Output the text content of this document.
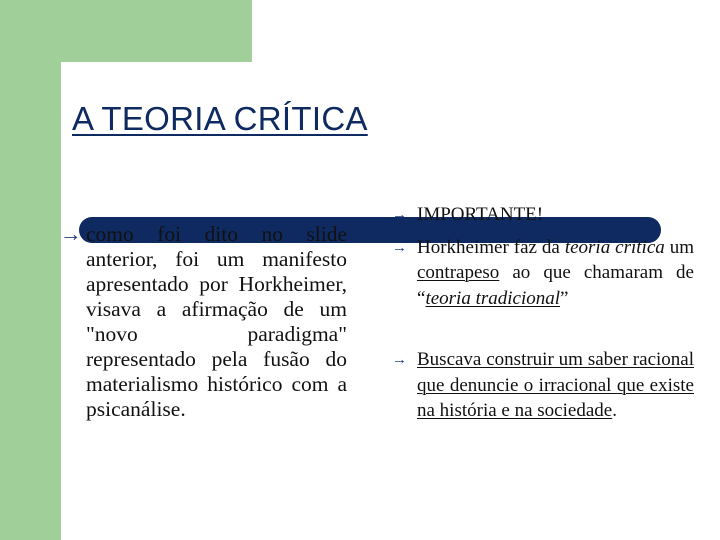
A TEORIA CRÍTICA
→ como foi dito no slide anterior, foi um manifesto apresentado por Horkheimer, visava a afirmação de um "novo paradigma" representado pela fusão do materialismo histórico com a psicanálise.
→ IMPORTANTE!
→ Horkheimer faz da teoria crítica um contrapeso ao que chamaram de “teoria tradicional”
→ Buscava construir um saber racional que denuncie o irracional que existe na história e na sociedade.
